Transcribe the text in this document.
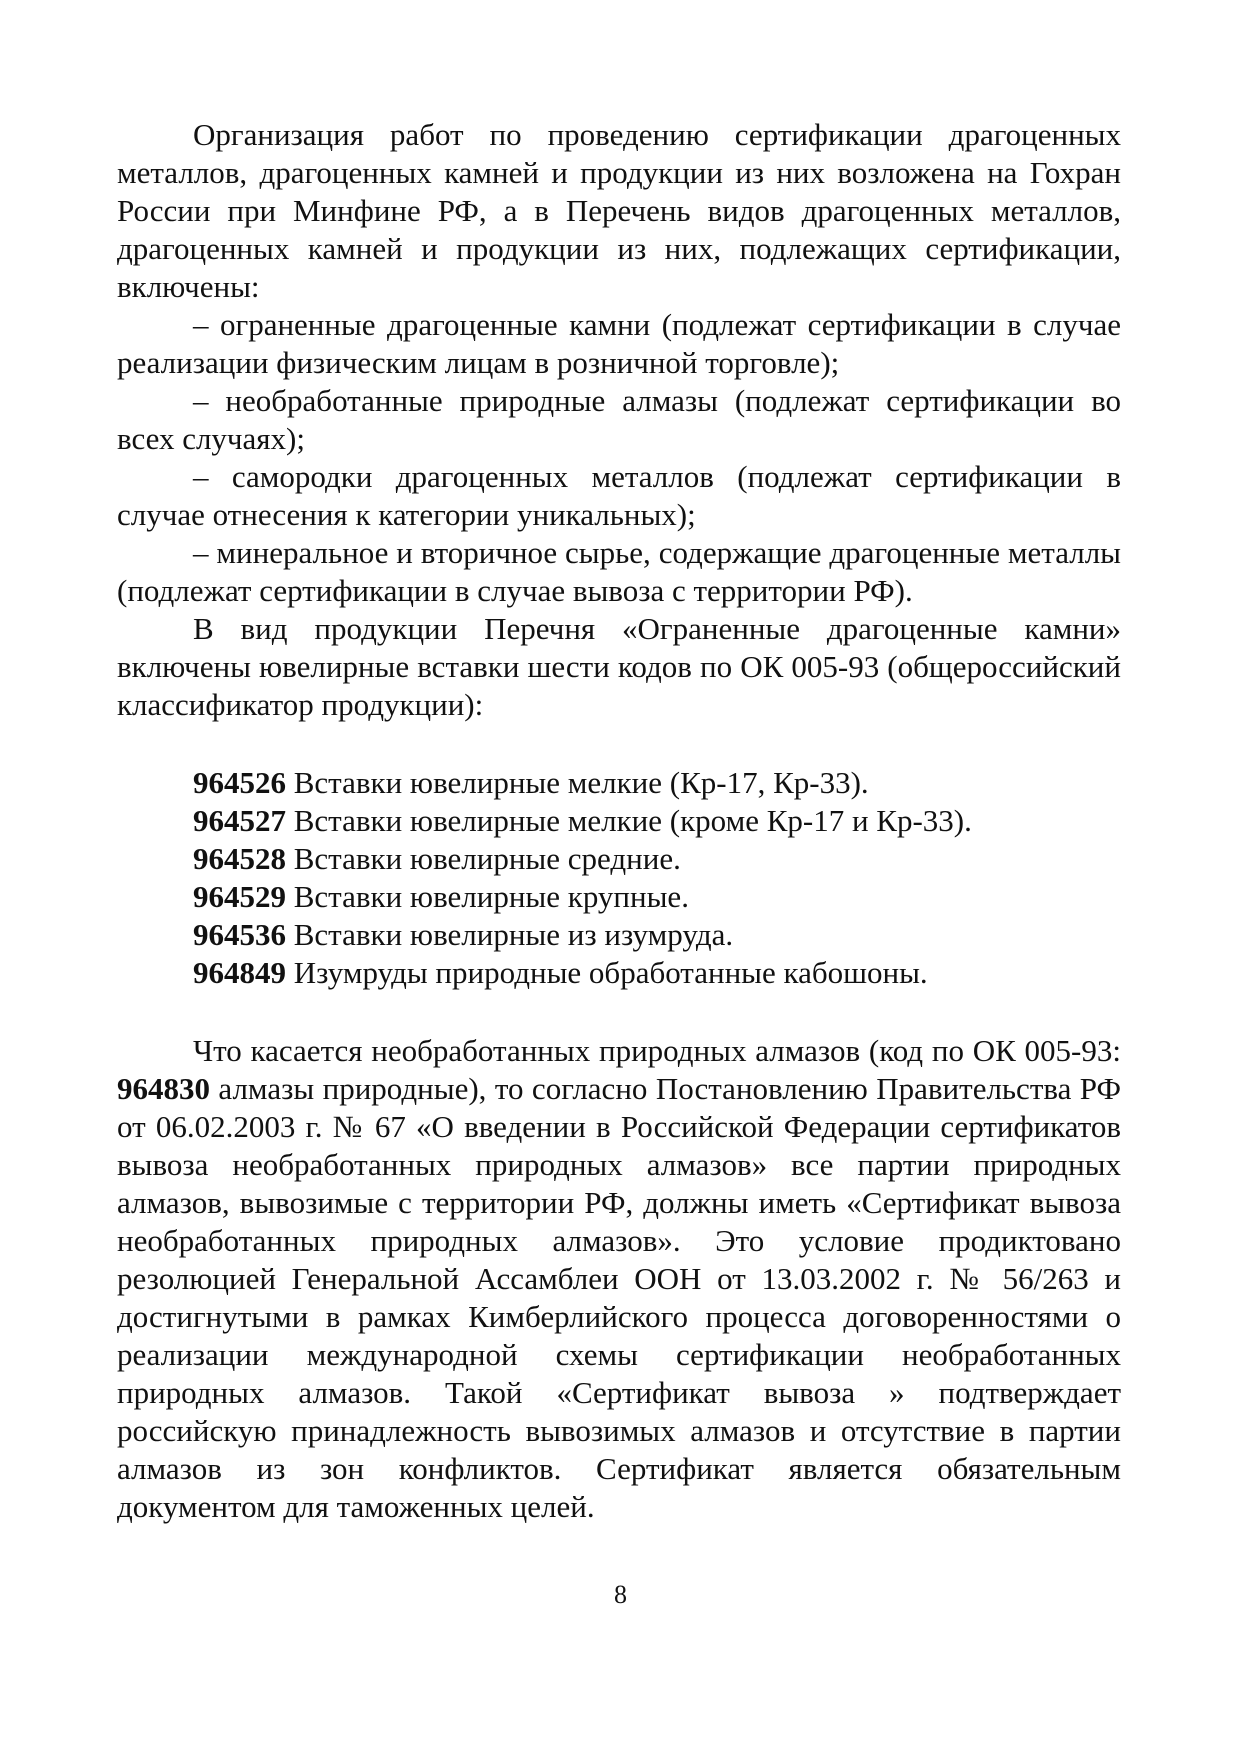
Организация работ по проведению сертификации драгоценных металлов, драгоценных камней и продукции из них возложена на Гохран России при Минфине РФ, а в Перечень видов драгоценных металлов, драгоценных камней и продукции из них, подлежащих сертификации, включены:

– ограненные драгоценные камни (подлежат сертификации в случае реализации физическим лицам в розничной торговле);

– необработанные природные алмазы (подлежат сертификации во всех случаях);

– самородки драгоценных металлов (подлежат сертификации в случае отнесения к категории уникальных);

– минеральное и вторичное сырье, содержащие драгоценные металлы (подлежат сертификации в случае вывоза с территории РФ).

В вид продукции Перечня «Ограненные драгоценные камни» включены ювелирные вставки шести кодов по ОК 005-93 (общероссийский классификатор продукции):

964526 Вставки ювелирные мелкие (Кр-17, Кр-33).
964527 Вставки ювелирные мелкие (кроме Кр-17 и Кр-33).
964528 Вставки ювелирные средние.
964529 Вставки ювелирные крупные.
964536 Вставки ювелирные из изумруда.
964849 Изумруды природные обработанные кабошоны.

Что касается необработанных природных алмазов (код по ОК 005-93: 964830 алмазы природные), то согласно Постановлению Правительства РФ от 06.02.2003 г. № 67 «О введении в Российской Федерации сертификатов вывоза необработанных природных алмазов» все партии природных алмазов, вывозимые с территории РФ, должны иметь «Сертификат вывоза необработанных природных алмазов». Это условие продиктовано резолюцией Генеральной Ассамблеи ООН от 13.03.2002 г. № 56/263 и достигнутыми в рамках Кимберлийского процесса договоренностями о реализации международной схемы сертификации необработанных природных алмазов. Такой «Сертификат вывоза » подтверждает российскую принадлежность вывозимых алмазов и отсутствие в партии алмазов из зон конфликтов. Сертификат является обязательным документом для таможенных целей.

8
